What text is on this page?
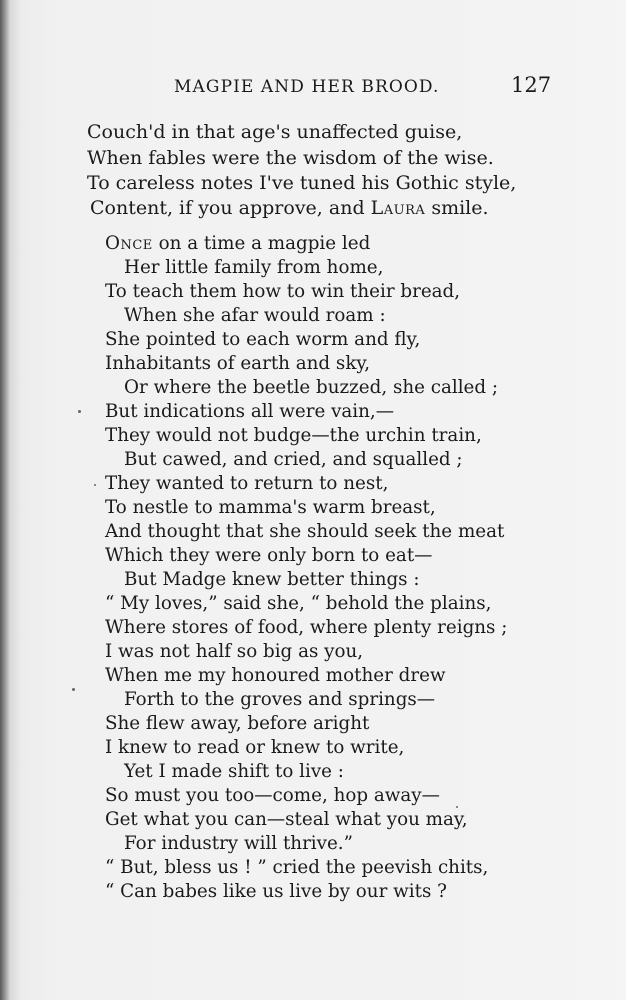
MAGPIE AND HER BROOD.	127
Couch'd in that age's unaffected guise,
When fables were the wisdom of the wise.
To careless notes I've tuned his Gothic style,
Content, if you approve, and Laura smile.
Once on a time a magpie led
Her little family from home,
To teach them how to win their bread,
When she afar would roam :
She pointed to each worm and fly,
Inhabitants of earth and sky,
Or where the beetle buzzed, she called ;
But indications all were vain,—
They would not budge—the urchin train,
But cawed, and cried, and squalled ;
They wanted to return to nest,
To nestle to mamma's warm breast,
And thought that she should seek the meat
Which they were only born to eat—
But Madge knew better things :
“ My loves,” said she, “ behold the plains,
Where stores of food, where plenty reigns ;
I was not half so big as you,
When me my honoured mother drew
Forth to the groves and springs—
She flew away, before aright
I knew to read or knew to write,
Yet I made shift to live :
So must you too—come, hop away—
Get what you can—steal what you may,
For industry will thrive.”
“ But, bless us ! ” cried the peevish chits,
“ Can babes like us live by our wits ?
